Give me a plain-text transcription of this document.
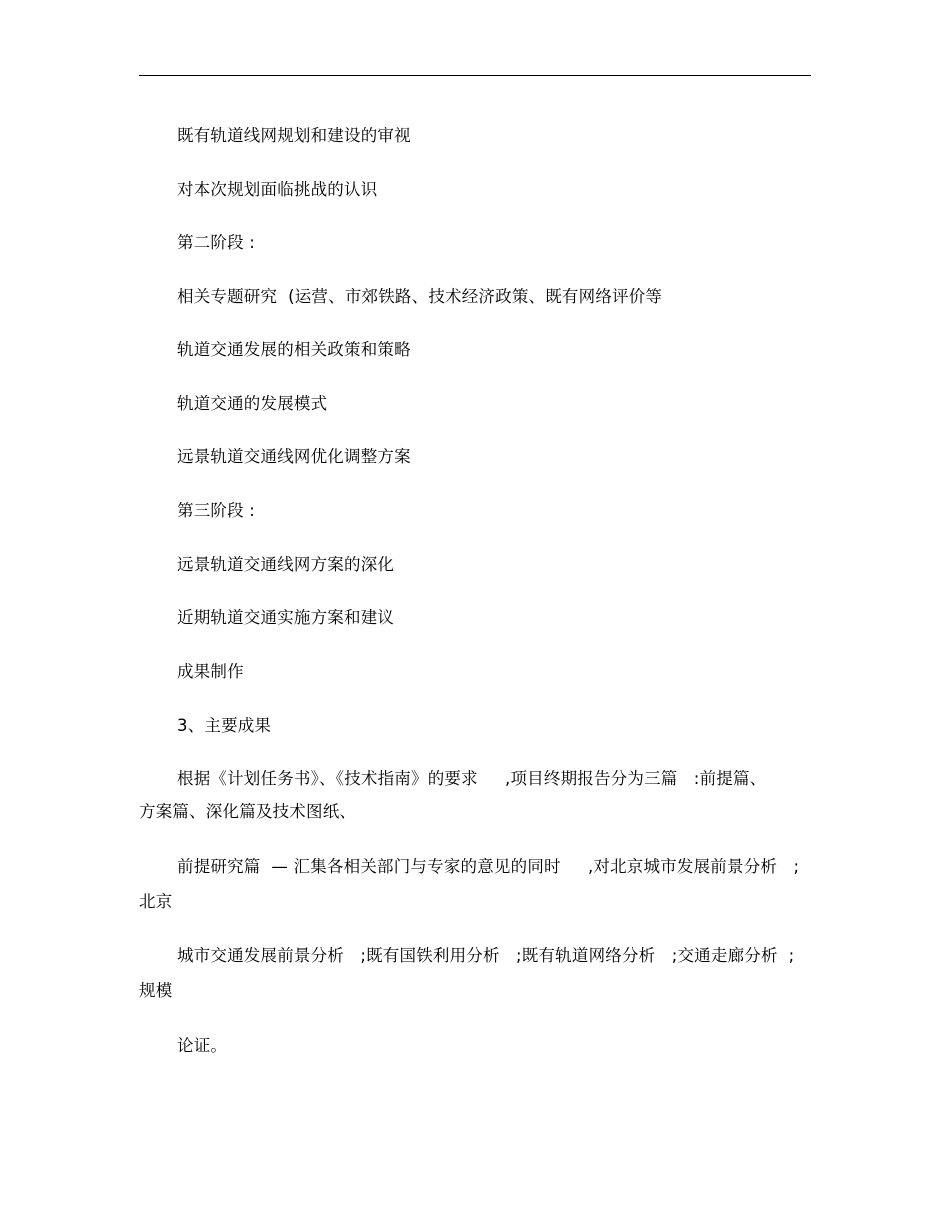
既有轨道线网规划和建设的审视
对本次规划面临挑战的认识
第二阶段 :
相关专题研究  (运营、市郊铁路、技术经济政策、既有网络评价等
轨道交通发展的相关政策和策略
轨道交通的发展模式
远景轨道交通线网优化调整方案
第三阶段 :
远景轨道交通线网方案的深化
近期轨道交通实施方案和建议
成果制作
3、主要成果
根据《计划任务书》、《技术指南》的要求     ,项目终期报告分为三篇   :前提篇、
方案篇、深化篇及技术图纸、
前提研究篇  — 汇集各相关部门与专家的意见的同时     ,对北京城市发展前景分析   ;
北京
城市交通发展前景分析   ;既有国铁利用分析   ;既有轨道网络分析   ;交通走廊分析  ;
规模
论证。
